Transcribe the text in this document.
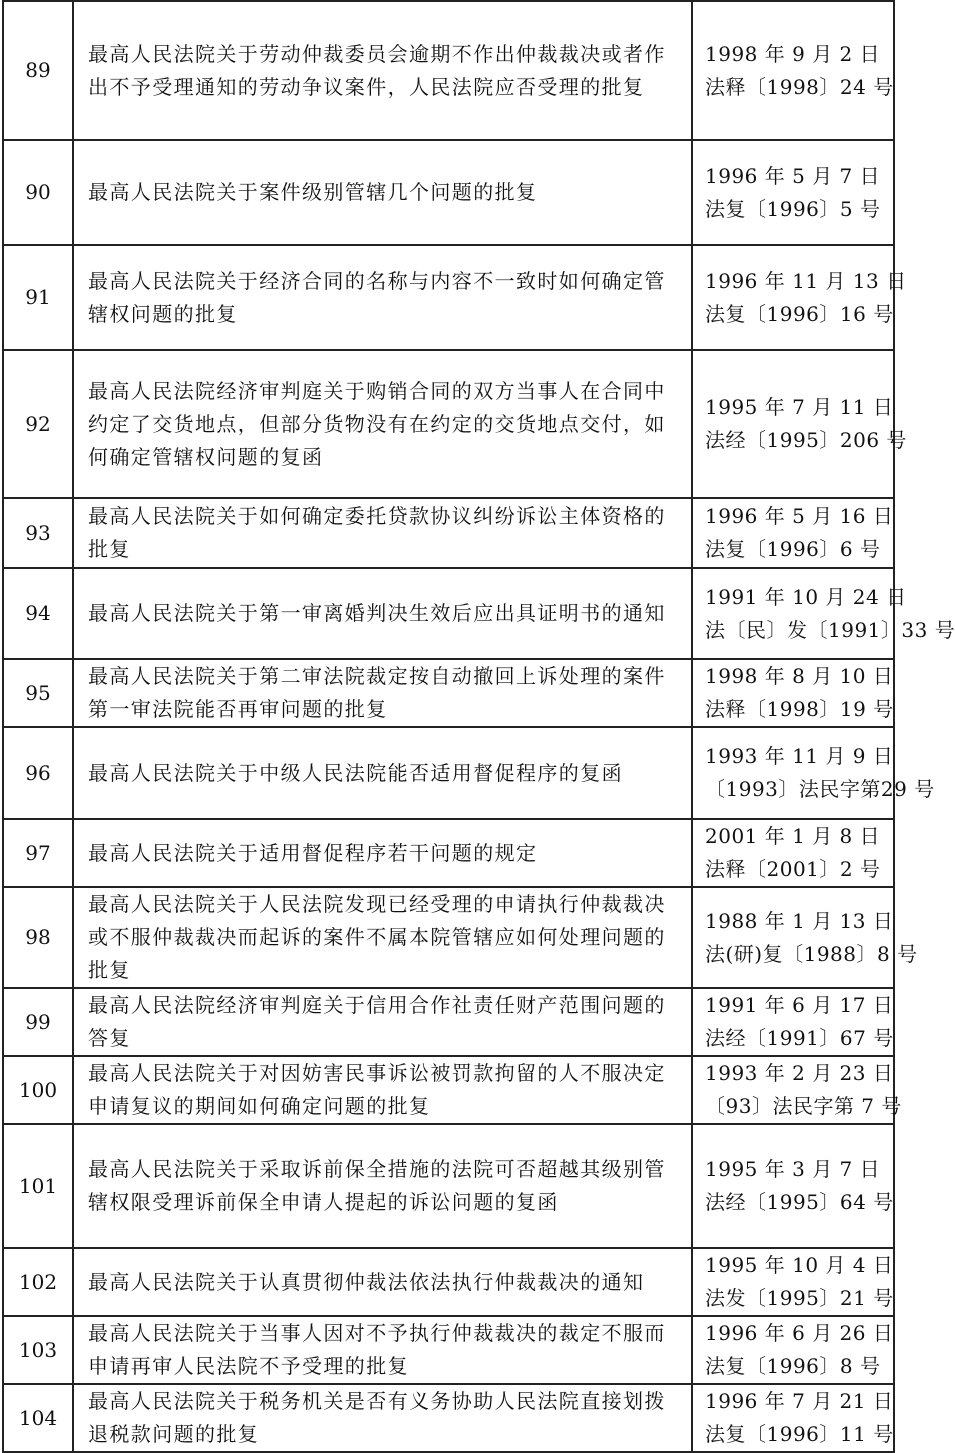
89	最高人民法院关于劳动仲裁委员会逾期不作出仲裁裁决或者作出不予受理通知的劳动争议案件，人民法院应否受理的批复	1998 年 9 月 2 日
法释〔1998〕24 号

90	最高人民法院关于案件级别管辖几个问题的批复	1996 年 5 月 7 日
法复〔1996〕5 号

91	最高人民法院关于经济合同的名称与内容不一致时如何确定管辖权问题的批复	1996 年 11 月 13 日
法复〔1996〕16 号

92	最高人民法院经济审判庭关于购销合同的双方当事人在合同中约定了交货地点，但部分货物没有在约定的交货地点交付，如何确定管辖权问题的复函	1995 年 7 月 11 日
法经〔1995〕206 号

93	最高人民法院关于如何确定委托贷款协议纠纷诉讼主体资格的批复	1996 年 5 月 16 日
法复〔1996〕6 号

94	最高人民法院关于第一审离婚判决生效后应出具证明书的通知	1991 年 10 月 24 日
法〔民〕发〔1991〕33 号

95	最高人民法院关于第二审法院裁定按自动撤回上诉处理的案件第一审法院能否再审问题的批复	1998 年 8 月 10 日
法释〔1998〕19 号

96	最高人民法院关于中级人民法院能否适用督促程序的复函	1993 年 11 月 9 日
〔1993〕法民字第29 号

97	最高人民法院关于适用督促程序若干问题的规定	2001 年 1 月 8 日
法释〔2001〕2 号

98	最高人民法院关于人民法院发现已经受理的申请执行仲裁裁决或不服仲裁裁决而起诉的案件不属本院管辖应如何处理问题的批复	1988 年 1 月 13 日
法(研)复〔1988〕8 号

99	最高人民法院经济审判庭关于信用合作社责任财产范围问题的答复	1991 年 6 月 17 日
法经〔1991〕67 号

100	最高人民法院关于对因妨害民事诉讼被罚款拘留的人不服决定申请复议的期间如何确定问题的批复	1993 年 2 月 23 日
〔93〕法民字第 7 号

101	最高人民法院关于采取诉前保全措施的法院可否超越其级别管辖权限受理诉前保全申请人提起的诉讼问题的复函	1995 年 3 月 7 日
法经〔1995〕64 号

102	最高人民法院关于认真贯彻仲裁法依法执行仲裁裁决的通知	1995 年 10 月 4 日
法发〔1995〕21 号

103	最高人民法院关于当事人因对不予执行仲裁裁决的裁定不服而申请再审人民法院不予受理的批复	1996 年 6 月 26 日
法复〔1996〕8 号

104	最高人民法院关于税务机关是否有义务协助人民法院直接划拨退税款问题的批复	1996 年 7 月 21 日
法复〔1996〕11 号
